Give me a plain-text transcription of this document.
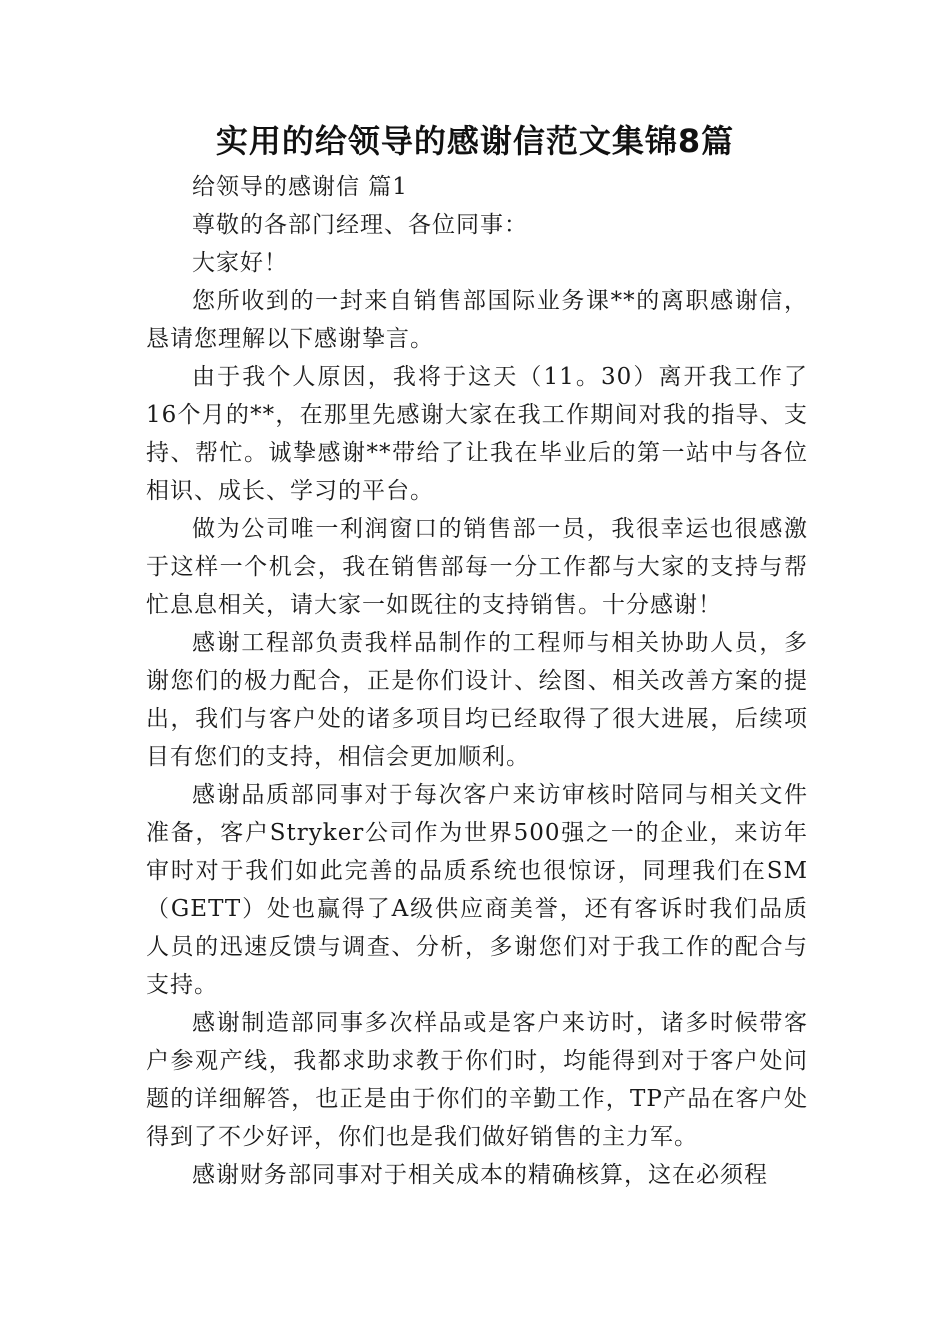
实用的给领导的感谢信范文集锦8篇

给领导的感谢信 篇1

尊敬的各部门经理、各位同事：

大家好！

您所收到的一封来自销售部国际业务课**的离职感谢信，恳请您理解以下感谢挚言。

由于我个人原因，我将于这天（11。30）离开我工作了16个月的**，在那里先感谢大家在我工作期间对我的指导、支持、帮忙。诚挚感谢**带给了让我在毕业后的第一站中与各位相识、成长、学习的平台。

做为公司唯一利润窗口的销售部一员，我很幸运也很感激于这样一个机会，我在销售部每一分工作都与大家的支持与帮忙息息相关，请大家一如既往的支持销售。十分感谢！

感谢工程部负责我样品制作的工程师与相关协助人员，多谢您们的极力配合，正是你们设计、绘图、相关改善方案的提出，我们与客户处的诸多项目均已经取得了很大进展，后续项目有您们的支持，相信会更加顺利。

感谢品质部同事对于每次客户来访审核时陪同与相关文件准备，客户Stryker公司作为世界500强之一的企业，来访年审时对于我们如此完善的品质系统也很惊讶，同理我们在SM（GETT）处也赢得了A级供应商美誉，还有客诉时我们品质人员的迅速反馈与调查、分析，多谢您们对于我工作的配合与支持。

感谢制造部同事多次样品或是客户来访时，诸多时候带客户参观产线，我都求助求教于你们时，均能得到对于客户处问题的详细解答，也正是由于你们的辛勤工作，TP产品在客户处得到了不少好评，你们也是我们做好销售的主力军。

感谢财务部同事对于相关成本的精确核算，这在必须程
